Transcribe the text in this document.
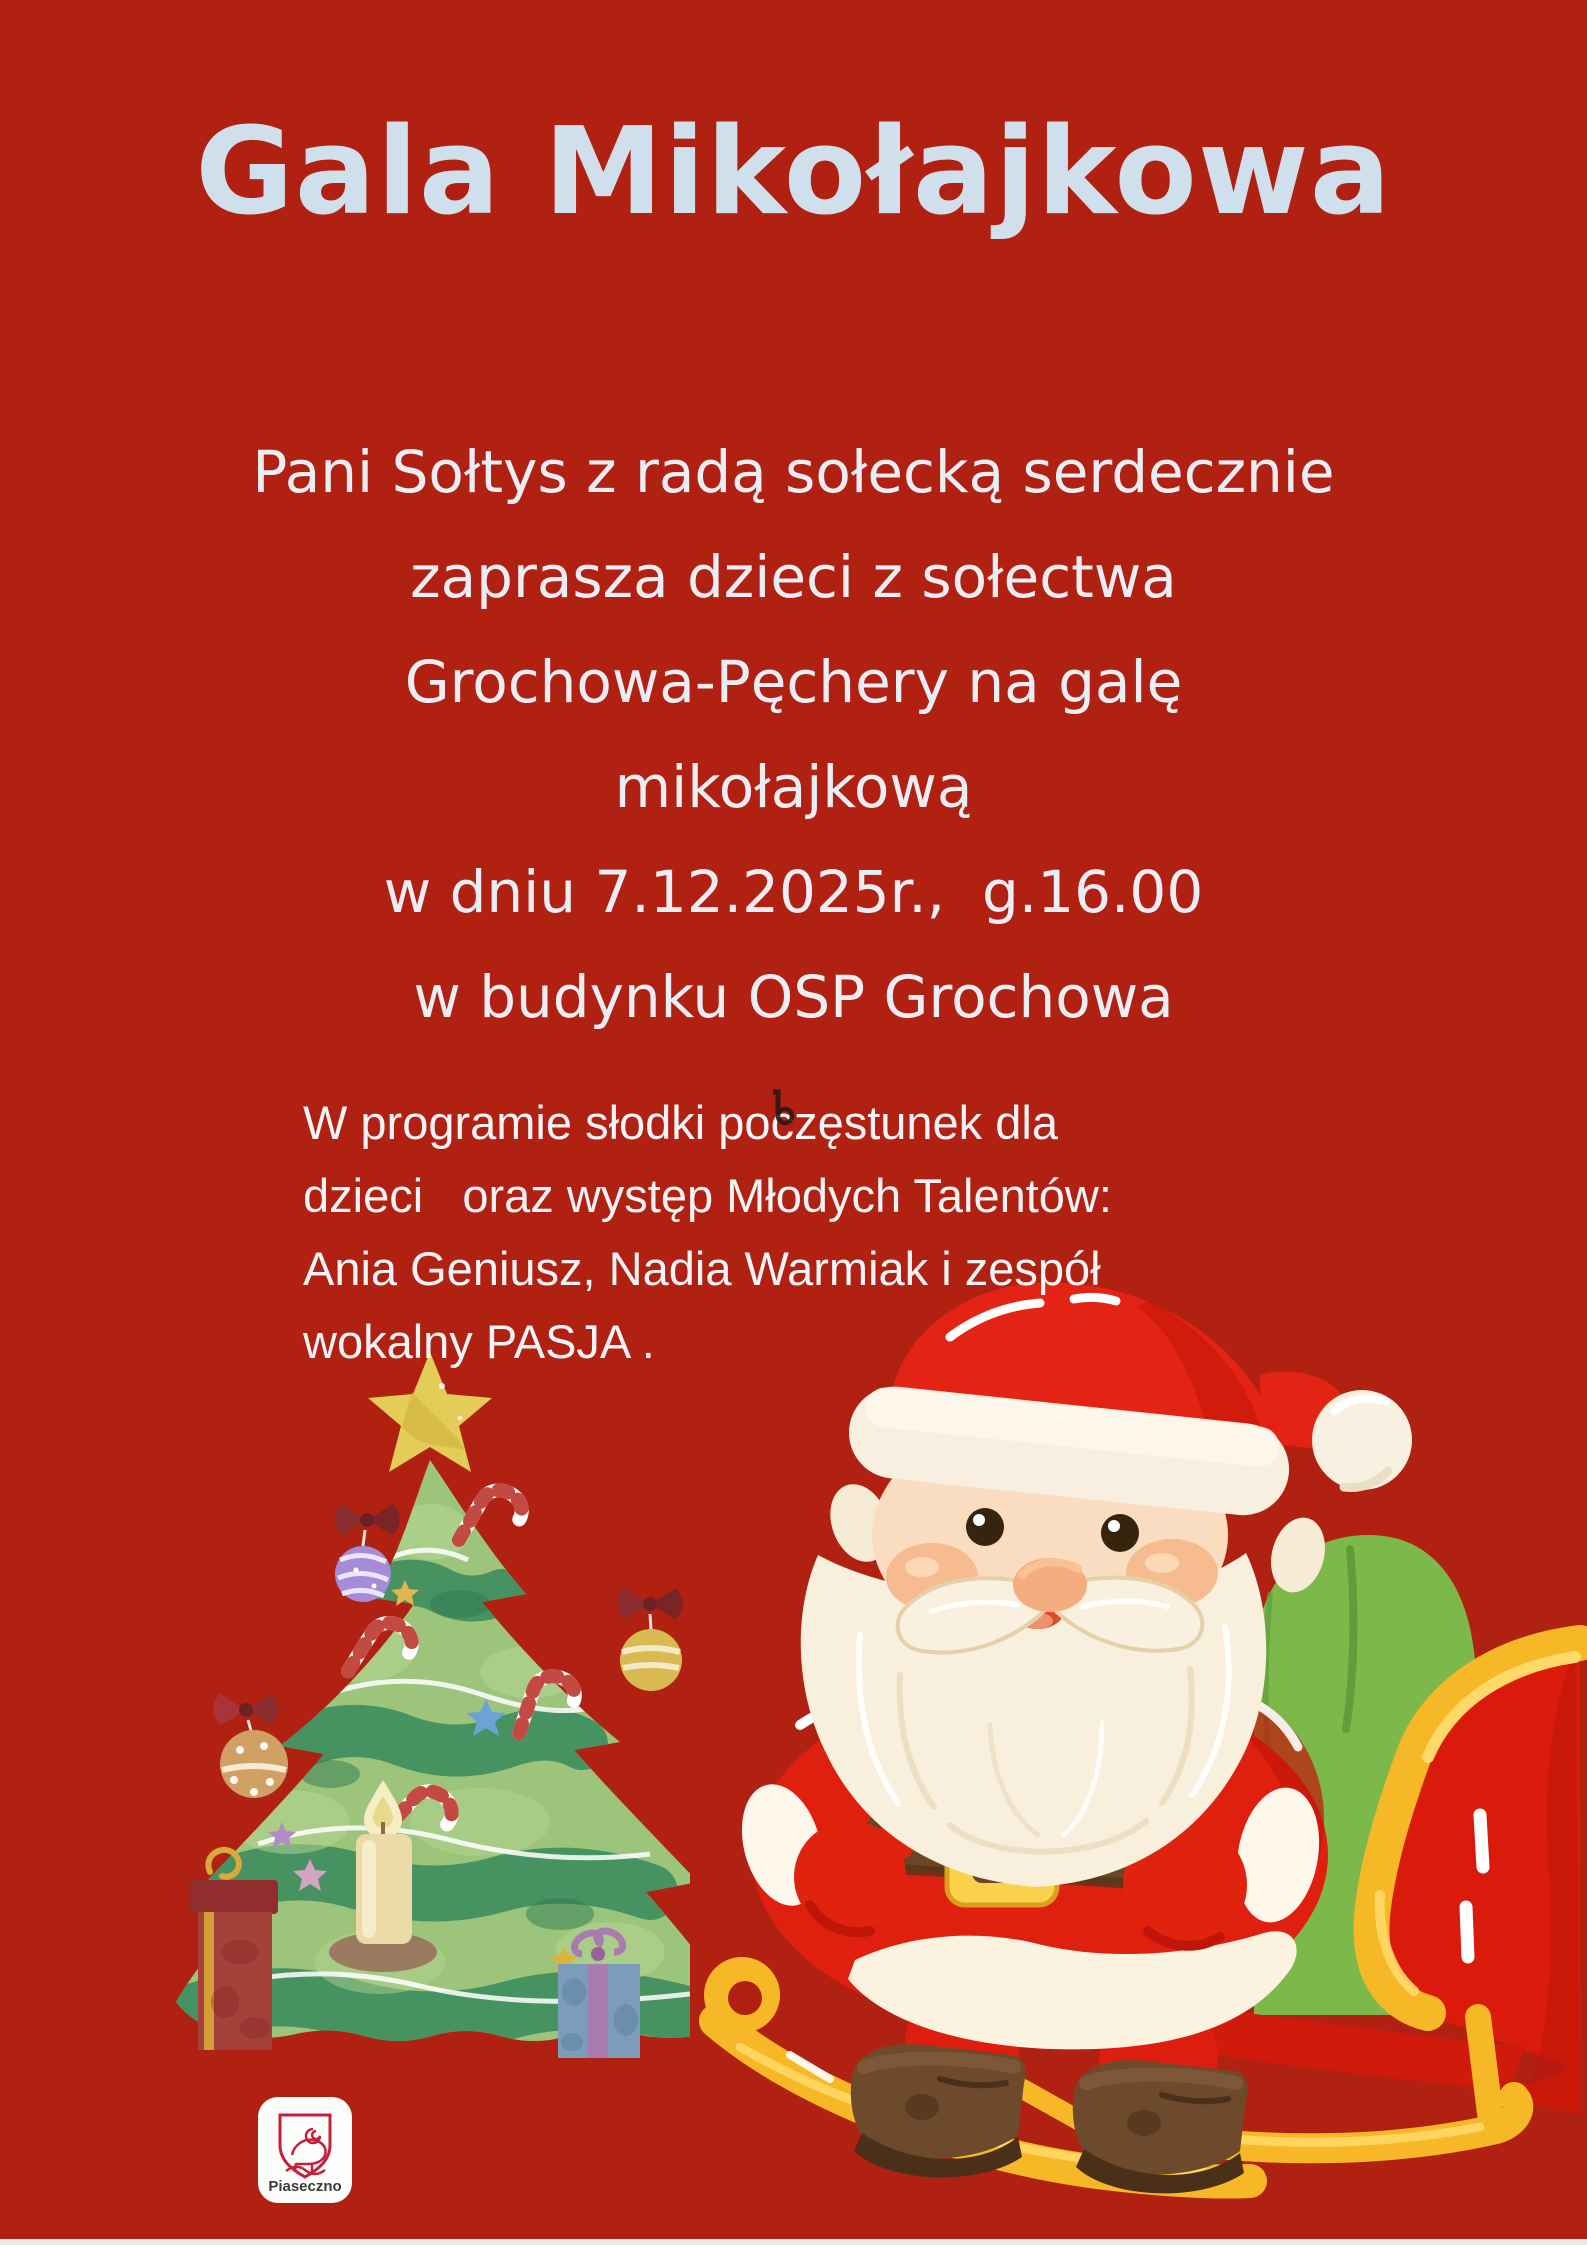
Gala Mikołajkowa
Pani Sołtys z radą sołecką serdecznie
zaprasza dzieci z sołectwa
Grochowa-Pęchery na galę
mikołajkową
w dniu 7.12.2025r.,  g.16.00
w budynku OSP Grochowa
W programie słodki poczęstunek dla
dzieci   oraz występ Młodych Talentów:
Ania Geniusz, Nadia Warmiak i zespół
wokalny PASJA .
Piaseczno
